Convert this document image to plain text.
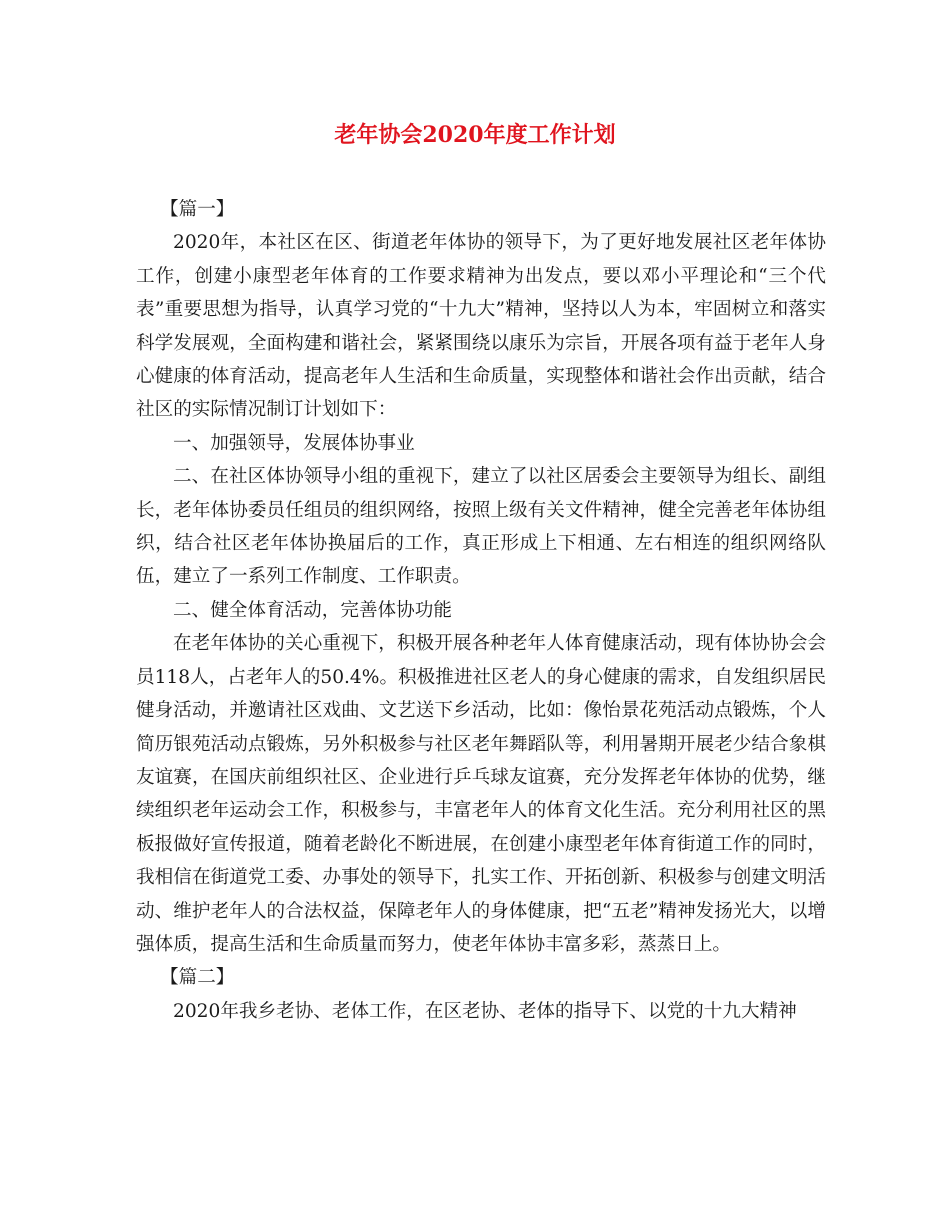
老年协会2020年度工作计划

【篇一】

2020年，本社区在区、街道老年体协的领导下，为了更好地发展社区老年体协工作，创建小康型老年体育的工作要求精神为出发点，要以邓小平理论和“三个代表”重要思想为指导，认真学习党的“十九大”精神，坚持以人为本，牢固树立和落实科学发展观，全面构建和谐社会，紧紧围绕以康乐为宗旨，开展各项有益于老年人身心健康的体育活动，提高老年人生活和生命质量，实现整体和谐社会作出贡献，结合社区的实际情况制订计划如下：

一、加强领导，发展体协事业

二、在社区体协领导小组的重视下，建立了以社区居委会主要领导为组长、副组长，老年体协委员任组员的组织网络，按照上级有关文件精神，健全完善老年体协组织，结合社区老年体协换届后的工作，真正形成上下相通、左右相连的组织网络队伍，建立了一系列工作制度、工作职责。

二、健全体育活动，完善体协功能

在老年体协的关心重视下，积极开展各种老年人体育健康活动，现有体协协会会员118人，占老年人的50.4%。积极推进社区老人的身心健康的需求，自发组织居民健身活动，并邀请社区戏曲、文艺送下乡活动，比如：像怡景花苑活动点锻炼，个人简历银苑活动点锻炼，另外积极参与社区老年舞蹈队等，利用暑期开展老少结合象棋友谊赛，在国庆前组织社区、企业进行乒乓球友谊赛，充分发挥老年体协的优势，继续组织老年运动会工作，积极参与，丰富老年人的体育文化生活。充分利用社区的黑板报做好宣传报道，随着老龄化不断进展，在创建小康型老年体育街道工作的同时，我相信在街道党工委、办事处的领导下，扎实工作、开拓创新、积极参与创建文明活动、维护老年人的合法权益，保障老年人的身体健康，把“五老”精神发扬光大，以增强体质，提高生活和生命质量而努力，使老年体协丰富多彩，蒸蒸日上。

【篇二】

2020年我乡老协、老体工作，在区老协、老体的指导下、以党的十九大精神
